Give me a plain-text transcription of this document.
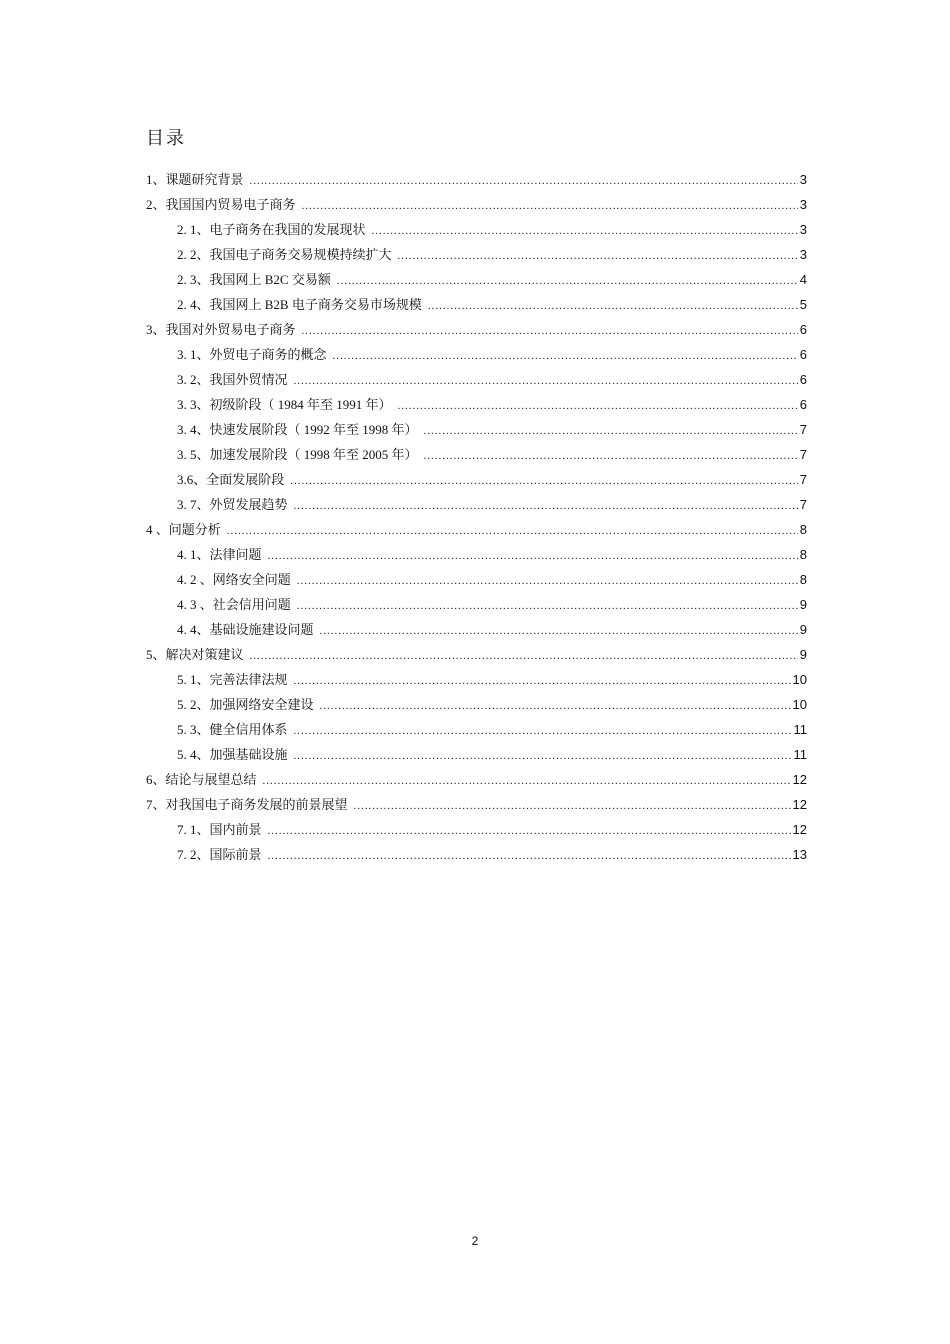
目录
1、课题研究背景 .....	3
2、我国国内贸易电子商务 .....	3
2. 1、电子商务在我国的发展现状 .....	3
2. 2、我国电子商务交易规模持续扩大 .....	3
2. 3、我国网上 B2C 交易额 .....	4
2. 4、我国网上 B2B 电子商务交易市场规模 .....	5
3、我国对外贸易电子商务 .....	6
3. 1、外贸电子商务的概念 .....	6
3. 2、我国外贸情况 .....	6
3. 3、初级阶段（ 1984 年至 1991 年） .....	6
3. 4、快速发展阶段（ 1992 年至 1998 年） .....	7
3. 5、加速发展阶段（ 1998 年至 2005 年） .....	7
3.6、全面发展阶段 .....	7
3. 7、外贸发展趋势 .....	7
4 、问题分析 .....	8
4. 1、法律问题 .....	8
4. 2 、网络安全问题 .....	8
4. 3 、社会信用问题 .....	9
4. 4、基础设施建设问题 .....	9
5、解决对策建议 .....	9
5. 1、完善法律法规 .....	10
5. 2、加强网络安全建设 .....	10
5. 3、健全信用体系 .....	11
5. 4、加强基础设施 .....	11
6、结论与展望总结 .....	12
7、对我国电子商务发展的前景展望 .....	12
7. 1、国内前景 .....	12
7. 2、国际前景 .....	13
2
